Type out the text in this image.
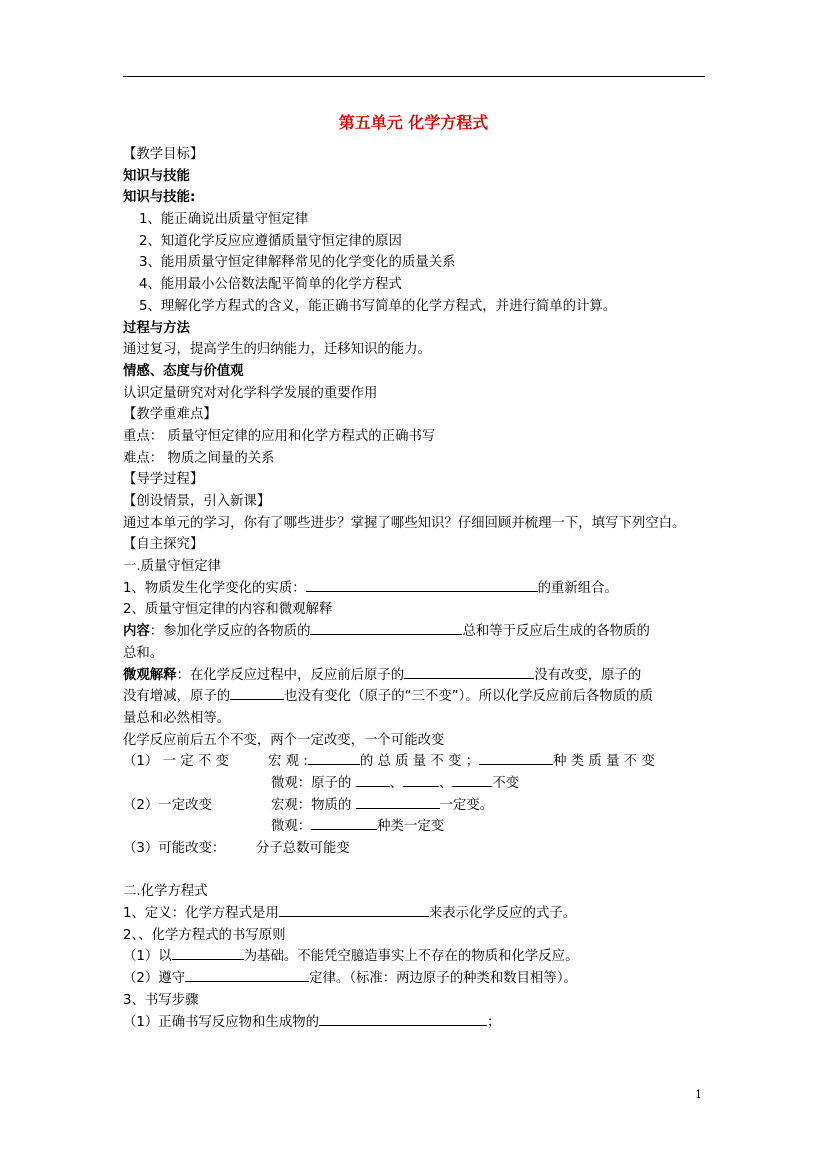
第五单元 化学方程式
【教学目标】
知识与技能
知识与技能:
1、能正确说出质量守恒定律
2、知道化学反应应遵循质量守恒定律的原因
3、能用质量守恒定律解释常见的化学变化的质量关系
4、能用最小公倍数法配平简单的化学方程式
5、理解化学方程式的含义，能正确书写简单的化学方程式，并进行简单的计算。
过程与方法
通过复习，提高学生的归纳能力，迁移知识的能力。
情感、态度与价值观
认识定量研究对对化学科学发展的重要作用
【教学重难点】
重点： 质量守恒定律的应用和化学方程式的正确书写
难点： 物质之间量的关系
【导学过程】
【创设情景，引入新课】
通过本单元的学习，你有了哪些进步？掌握了哪些知识？仔细回顾并梳理一下，填写下列空白。
【自主探究】
一.质量守恒定律
1、物质发生化学变化的实质：	的重新组合。
2、质量守恒定律的内容和微观解释
内容：参加化学反应的各物质的	总和等于反应后生成的各物质的
总和。
微观解释：在化学反应过程中，反应前后原子的	没有改变，原子的
没有增减，原子的	也没有变化（原子的“三不变”）。所以化学反应前后各物质的质
量总和必然相等。
化学反应前后五个不变，两个一定改变，一个可能改变
（1） 一 定 不 变	宏 观 :	的 总 质 量 不 变 ；	种 类 质 量 不 变
微观：原子的	、	、	不变
（2）一定改变	宏观：物质的	一定变。
微观：	种类一定变
（3）可能改变： 分子总数可能变
二.化学方程式
1、定义：化学方程式是用	来表示化学反应的式子。
2、、化学方程式的书写原则
（1）以	为基础。不能凭空臆造事实上不存在的物质和化学反应。
（2）遵守	定律。（标准：两边原子的种类和数目相等）。
3、书写步骤
（1）正确书写反应物和生成物的	；
1
